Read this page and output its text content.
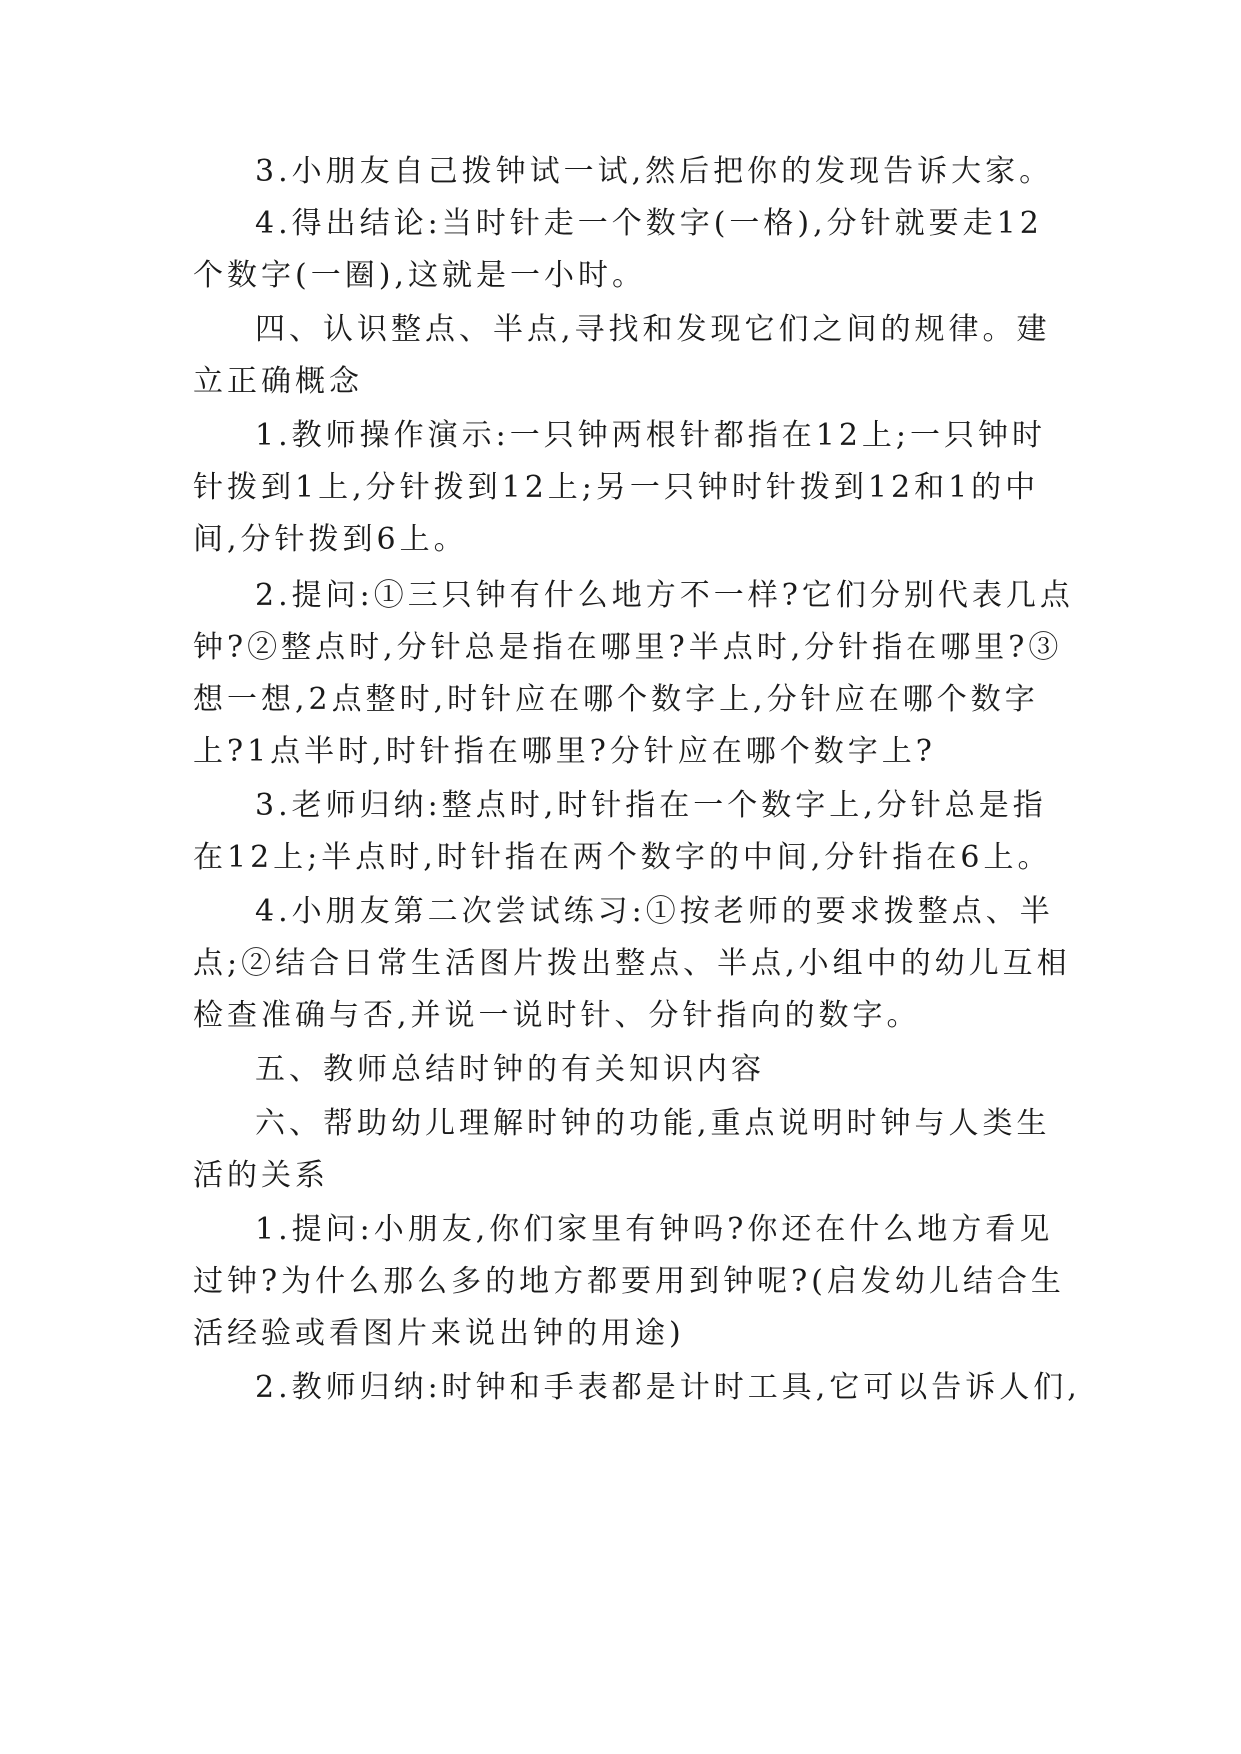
3.小朋友自己拨钟试一试,然后把你的发现告诉大家。
4.得出结论:当时针走一个数字(一格),分针就要走12
个数字(一圈),这就是一小时。
四、认识整点、半点,寻找和发现它们之间的规律。建
立正确概念
1.教师操作演示:一只钟两根针都指在12上;一只钟时
针拨到1上,分针拨到12上;另一只钟时针拨到12和1的中
间,分针拨到6上。
2.提问:①三只钟有什么地方不一样?它们分别代表几点
钟?②整点时,分针总是指在哪里?半点时,分针指在哪里?③
想一想,2点整时,时针应在哪个数字上,分针应在哪个数字
上?1点半时,时针指在哪里?分针应在哪个数字上?
3.老师归纳:整点时,时针指在一个数字上,分针总是指
在12上;半点时,时针指在两个数字的中间,分针指在6上。
4.小朋友第二次尝试练习:①按老师的要求拨整点、半
点;②结合日常生活图片拨出整点、半点,小组中的幼儿互相
检查准确与否,并说一说时针、分针指向的数字。
五、教师总结时钟的有关知识内容
六、帮助幼儿理解时钟的功能,重点说明时钟与人类生
活的关系
1.提问:小朋友,你们家里有钟吗?你还在什么地方看见
过钟?为什么那么多的地方都要用到钟呢?(启发幼儿结合生
活经验或看图片来说出钟的用途)
2.教师归纳:时钟和手表都是计时工具,它可以告诉人们,
